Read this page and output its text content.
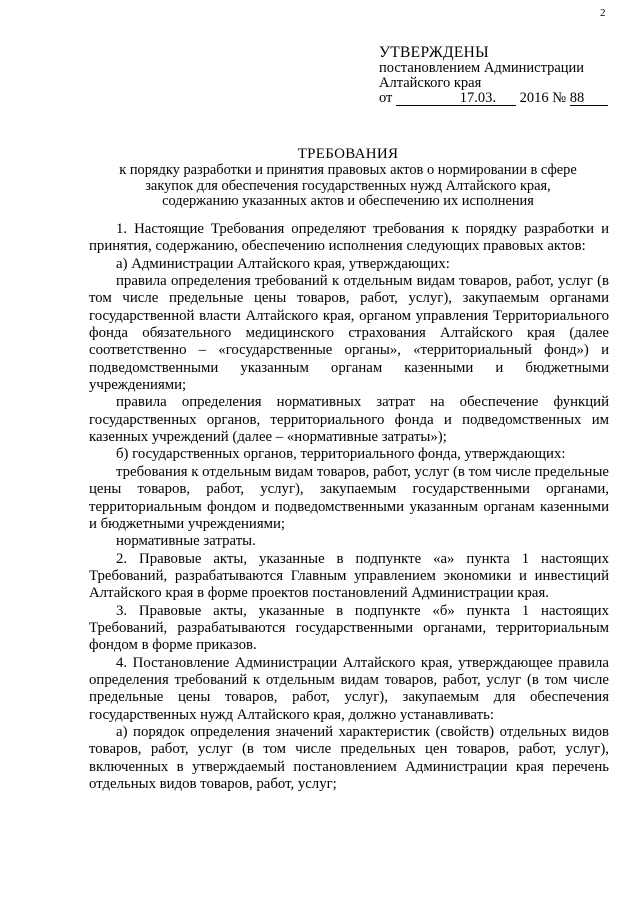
2
УТВЕРЖДЕНЫ
постановлением Администрации
Алтайского края
от	17.03. 2016 № 88
ТРЕБОВАНИЯ
к порядку разработки и принятия правовых актов о нормировании в сфере
закупок для обеспечения государственных нужд Алтайского края,
содержанию указанных актов и обеспечению их исполнения

1. Настоящие Требования определяют требования к порядку разработки и принятия, содержанию, обеспечению исполнения следующих правовых актов:

а) Администрации Алтайского края, утверждающих:

правила определения требований к отдельным видам товаров, работ, услуг (в том числе предельные цены товаров, работ, услуг), закупаемым органами государственной власти Алтайского края, органом управления Территориального фонда обязательного медицинского страхования Алтайского края (далее соответственно – «государственные органы», «территориальный фонд») и подведомственными указанным органам казенными и бюджетными учреждениями;

правила определения нормативных затрат на обеспечение функций государственных органов, территориального фонда и подведомственных им казенных учреждений (далее – «нормативные затраты»);

б) государственных органов, территориального фонда, утверждающих:

требования к отдельным видам товаров, работ, услуг (в том числе предельные цены товаров, работ, услуг), закупаемым государственными органами, территориальным фондом и подведомственными указанным органам казенными и бюджетными учреждениями;

нормативные затраты.

2. Правовые акты, указанные в подпункте «а» пункта 1 настоящих Требований, разрабатываются Главным управлением экономики и инвестиций Алтайского края в форме проектов постановлений Администрации края.

3. Правовые акты, указанные в подпункте «б» пункта 1 настоящих Требований, разрабатываются государственными органами, территориальным фондом в форме приказов.

4. Постановление Администрации Алтайского края, утверждающее правила определения требований к отдельным видам товаров, работ, услуг (в том числе предельные цены товаров, работ, услуг), закупаемым для обеспечения государственных нужд Алтайского края, должно устанавливать:

а) порядок определения значений характеристик (свойств) отдельных видов товаров, работ, услуг (в том числе предельных цен товаров, работ, услуг), включенных в утверждаемый постановлением Администрации края перечень отдельных видов товаров, работ, услуг;
